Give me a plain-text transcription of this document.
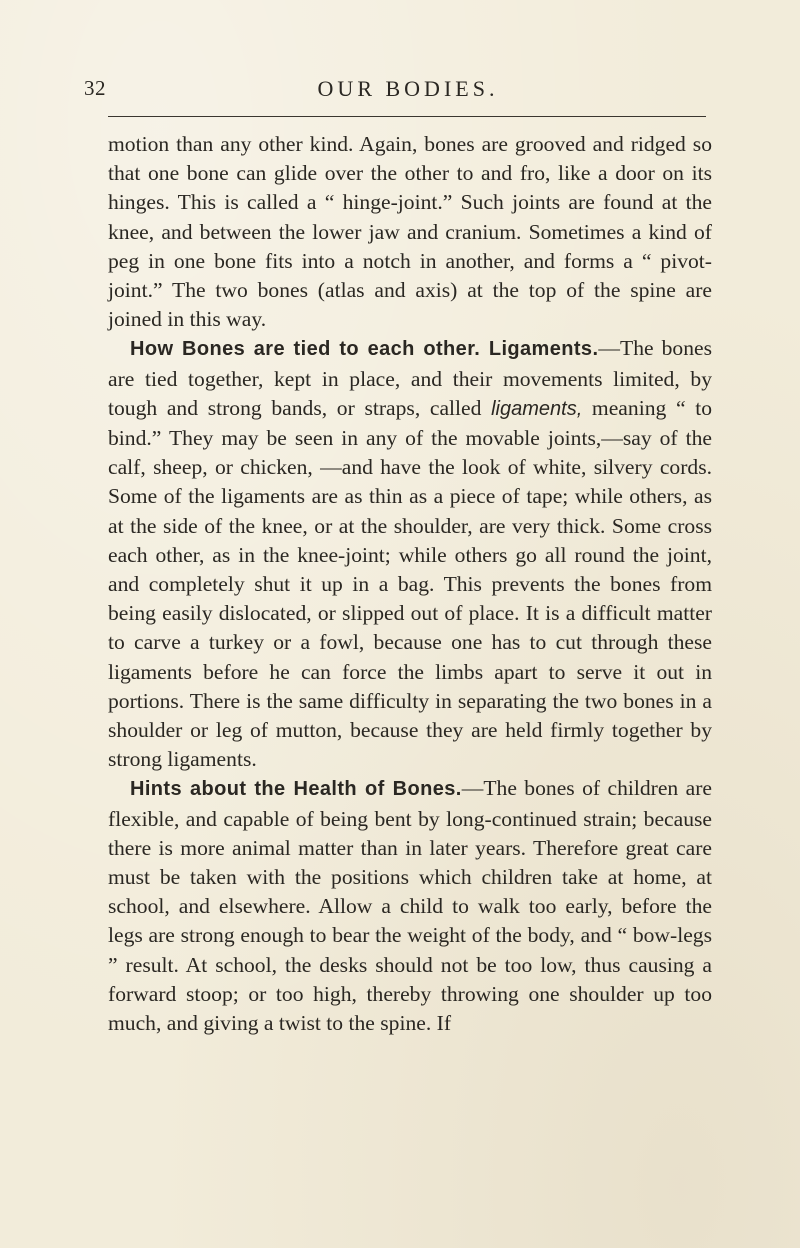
32	OUR BODIES.

motion than any other kind. Again, bones are grooved and ridged so that one bone can glide over the other to and fro, like a door on its hinges. This is called a “ hinge-joint.” Such joints are found at the knee, and between the lower jaw and cranium. Sometimes a kind of peg in one bone fits into a notch in another, and forms a “ pivot-joint.” The two bones (atlas and axis) at the top of the spine are joined in this way.

How Bones are tied to each other. Ligaments.—The bones are tied together, kept in place, and their movements limited, by tough and strong bands, or straps, called ligaments, meaning “ to bind.” They may be seen in any of the movable joints,—say of the calf, sheep, or chicken, —and have the look of white, silvery cords. Some of the ligaments are as thin as a piece of tape; while others, as at the side of the knee, or at the shoulder, are very thick. Some cross each other, as in the knee-joint; while others go all round the joint, and completely shut it up in a bag. This prevents the bones from being easily dislocated, or slipped out of place. It is a difficult matter to carve a turkey or a fowl, because one has to cut through these ligaments before he can force the limbs apart to serve it out in portions. There is the same difficulty in separating the two bones in a shoulder or leg of mutton, because they are held firmly together by strong ligaments.

Hints about the Health of Bones.—The bones of children are flexible, and capable of being bent by long-continued strain; because there is more animal matter than in later years. Therefore great care must be taken with the positions which children take at home, at school, and elsewhere. Allow a child to walk too early, before the legs are strong enough to bear the weight of the body, and “ bow-legs ” result. At school, the desks should not be too low, thus causing a forward stoop; or too high, thereby throwing one shoulder up too much, and giving a twist to the spine. If
